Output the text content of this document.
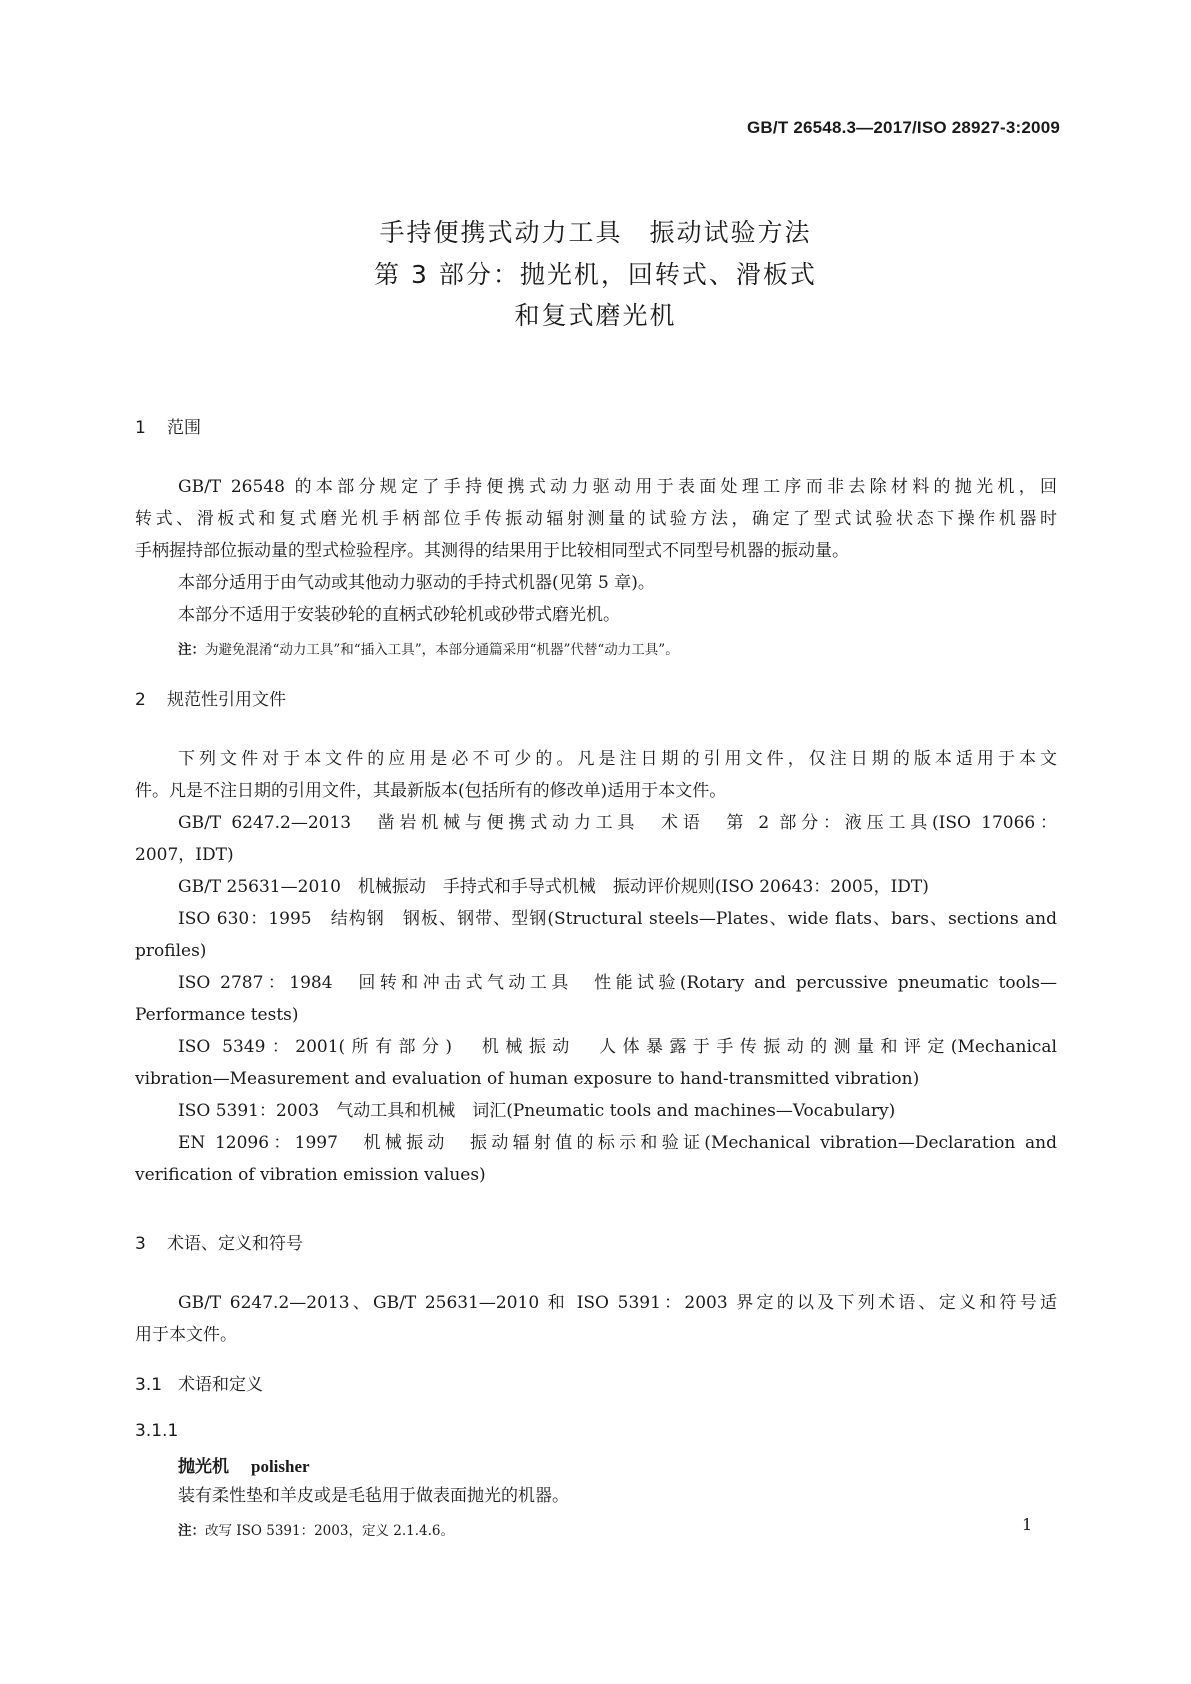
GB/T 26548.3—2017/ISO 28927-3:2009
手持便携式动力工具　振动试验方法
第 3 部分：抛光机，回转式、滑板式
和复式磨光机
1 范围
GB/T 26548 的本部分规定了手持便携式动力驱动用于表面处理工序而非去除材料的抛光机，回
转式、滑板式和复式磨光机手柄部位手传振动辐射测量的试验方法，确定了型式试验状态下操作机器时
手柄握持部位振动量的型式检验程序。其测得的结果用于比较相同型式不同型号机器的振动量。
本部分适用于由气动或其他动力驱动的手持式机器(见第 5 章)。
本部分不适用于安装砂轮的直柄式砂轮机或砂带式磨光机。
注：为避免混淆“动力工具”和“插入工具”，本部分通篇采用“机器”代替“动力工具”。
2 规范性引用文件
下列文件对于本文件的应用是必不可少的。凡是注日期的引用文件，仅注日期的版本适用于本文
件。凡是不注日期的引用文件，其最新版本(包括所有的修改单)适用于本文件。
GB/T 6247.2—2013　凿岩机械与便携式动力工具　术语　第 2 部分：液压工具(ISO 17066：
2007，IDT)
GB/T 25631—2010　机械振动　手持式和手导式机械　振动评价规则(ISO 20643：2005，IDT)
ISO 630：1995　结构钢　钢板、钢带、型钢(Structural steels—Plates、wide flats、bars、sections and
profiles)
ISO 2787：1984　回转和冲击式气动工具　性能试验(Rotary and percussive pneumatic tools—
Performance tests)
ISO 5349：2001(所有部分)　机械振动　人体暴露于手传振动的测量和评定(Mechanical
vibration—Measurement and evaluation of human exposure to hand-transmitted vibration)
ISO 5391：2003　气动工具和机械　词汇(Pneumatic tools and machines—Vocabulary)
EN 12096：1997　机械振动　振动辐射值的标示和验证(Mechanical vibration—Declaration and
verification of vibration emission values)
3 术语、定义和符号
GB/T 6247.2—2013、GB/T 25631—2010 和 ISO 5391：2003 界定的以及下列术语、定义和符号适
用于本文件。
3.1 术语和定义
3.1.1
抛光机 polisher
装有柔性垫和羊皮或是毛毡用于做表面抛光的机器。
注：改写 ISO 5391：2003，定义 2.1.4.6。	1
